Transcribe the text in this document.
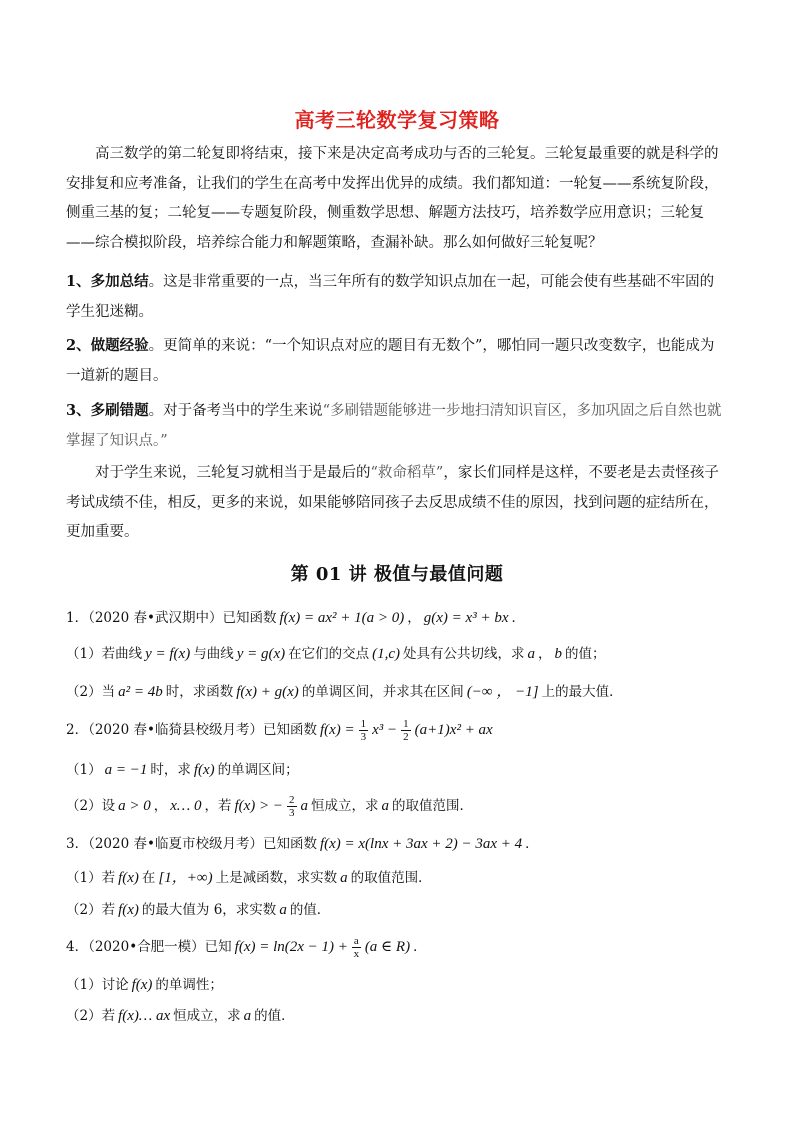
高考三轮数学复习策略

高三数学的第二轮复即将结束，接下来是决定高考成功与否的三轮复。三轮复最重要的就是科学的安排复和应考准备，让我们的学生在高考中发挥出优异的成绩。我们都知道：一轮复——系统复阶段，侧重三基的复；二轮复——专题复阶段，侧重数学思想、解题方法技巧，培养数学应用意识；三轮复——综合模拟阶段，培养综合能力和解题策略，查漏补缺。那么如何做好三轮复呢？

1、多加总结。这是非常重要的一点，当三年所有的数学知识点加在一起，可能会使有些基础不牢固的学生犯迷糊。

2、做题经验。更简单的来说：“一个知识点对应的题目有无数个”，哪怕同一题只改变数字，也能成为一道新的题目。

3、多刷错题。对于备考当中的学生来说“多刷错题能够进一步地扫清知识盲区，多加巩固之后自然也就掌握了知识点。”

对于学生来说，三轮复习就相当于是最后的“救命稻草”，家长们同样是这样，不要老是去责怪孩子考试成绩不佳，相反，更多的来说，如果能够陪同孩子去反思成绩不佳的原因，找到问题的症结所在，更加重要。

第 01 讲 极值与最值问题
1．（2020 春•武汉期中）已知函数 f(x) = ax² + 1(a > 0) ， g(x) = x³ + bx ．
（1）若曲线 y = f(x) 与曲线 y = g(x) 在它们的交点 (1,c) 处具有公共切线，求 a ， b 的值；
（2）当 a² = 4b 时，求函数 f(x) + g(x) 的单调区间，并求其在区间 (−∞ ， −1] 上的最大值．
2．（2020 春•临猗县校级月考）已知函数 $f(x) = \frac{1}{3} x^3 - \frac{1}{2} (a+1)x^2$ + ax
（1） a = −1 时，求 f(x) 的单调区间；
（2）设 a > 0 ， x… 0 ，若 f(x) > − $\frac{2}{3}$ a 恒成立，求 a 的取值范围．
3．（2020 春•临夏市校级月考）已知函数 f(x) = x(lnx + 3ax + 2) − 3ax + 4 ．
（1）若 f(x) 在 [1，+∞) 上是减函数，求实数 a 的取值范围．
（2）若 f(x) 的最大值为 6，求实数 a 的值．
4．（2020•合肥一模）已知 $f(x) = \ln(2x - 1) + \frac{a}{x} (a$ ∈ R) ．
（1）讨论 f(x) 的单调性；
（2）若 f(x)… ax 恒成立，求 a 的值．
